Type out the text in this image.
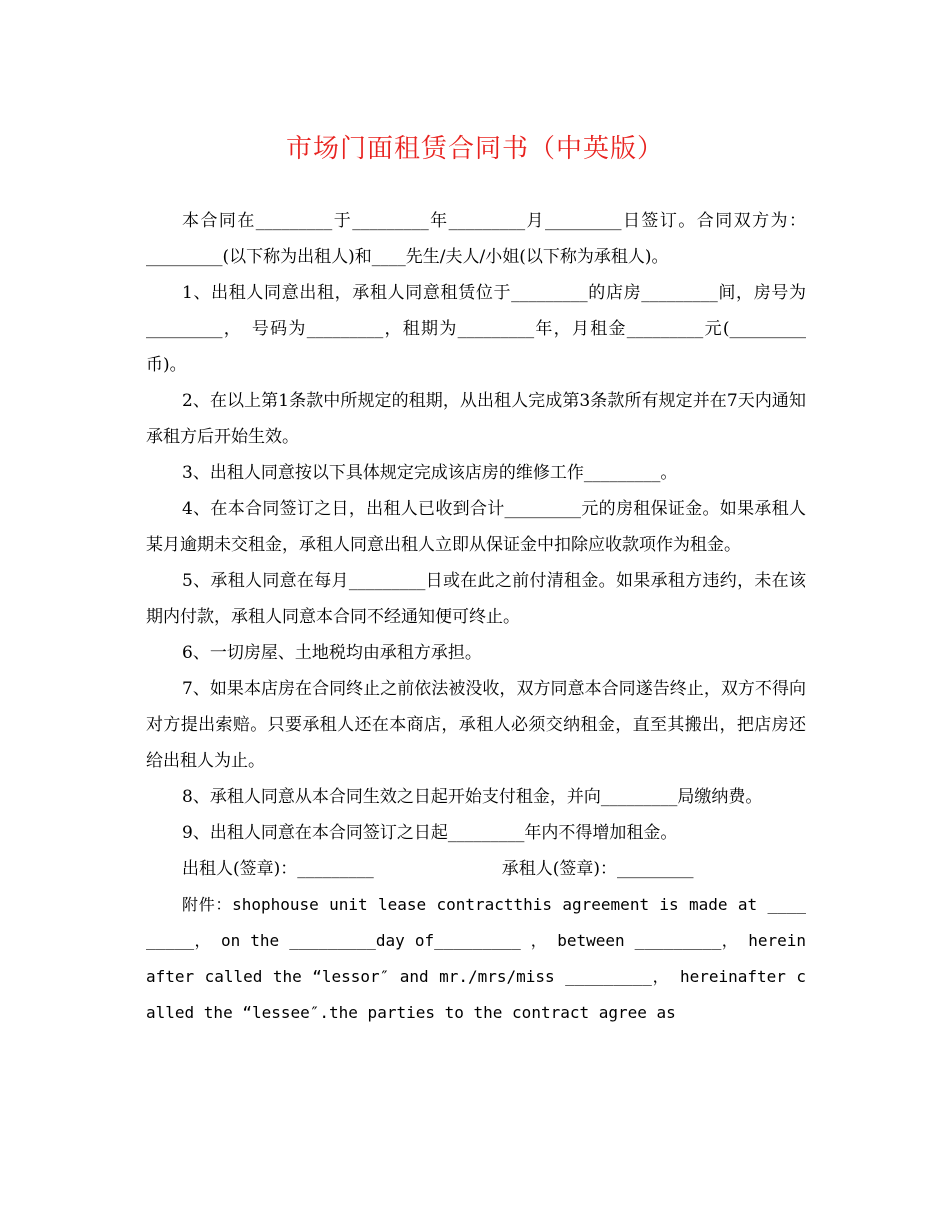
市场门面租赁合同书（中英版）

本合同在_________于_________年_________月_________日签订。合同双方为：_________(以下称为出租人)和____先生/夫人/小姐(以下称为承租人)。

1、出租人同意出租，承租人同意租赁位于_________的店房_________间，房号为_________，　号码为_________，租期为_________年，月租金_________元(_________币)。

2、在以上第1条款中所规定的租期，从出租人完成第3条款所有规定并在7天内通知承租方后开始生效。

3、出租人同意按以下具体规定完成该店房的维修工作_________。

4、在本合同签订之日，出租人已收到合计_________元的房租保证金。如果承租人某月逾期未交租金，承租人同意出租人立即从保证金中扣除应收款项作为租金。

5、承租人同意在每月_________日或在此之前付清租金。如果承租方违约，未在该期内付款，承租人同意本合同不经通知便可终止。

6、一切房屋、土地税均由承租方承担。

7、如果本店房在合同终止之前依法被没收，双方同意本合同遂告终止，双方不得向对方提出索赔。只要承租人还在本商店，承租人必须交纳租金，直至其搬出，把店房还给出租人为止。

8、承租人同意从本合同生效之日起开始支付租金，并向_________局缴纳费。

9、出租人同意在本合同签订之日起_________年内不得增加租金。

出租人(签章)：_________	承租人(签章)：_________

附件：shophouse unit lease contractthis agreement is made at _________， on the _________day of_________ ， between _________， hereinafter called the “lessor″ and mr./mrs/miss _________， hereinafter called the “lessee″.the parties to the contract agree as
